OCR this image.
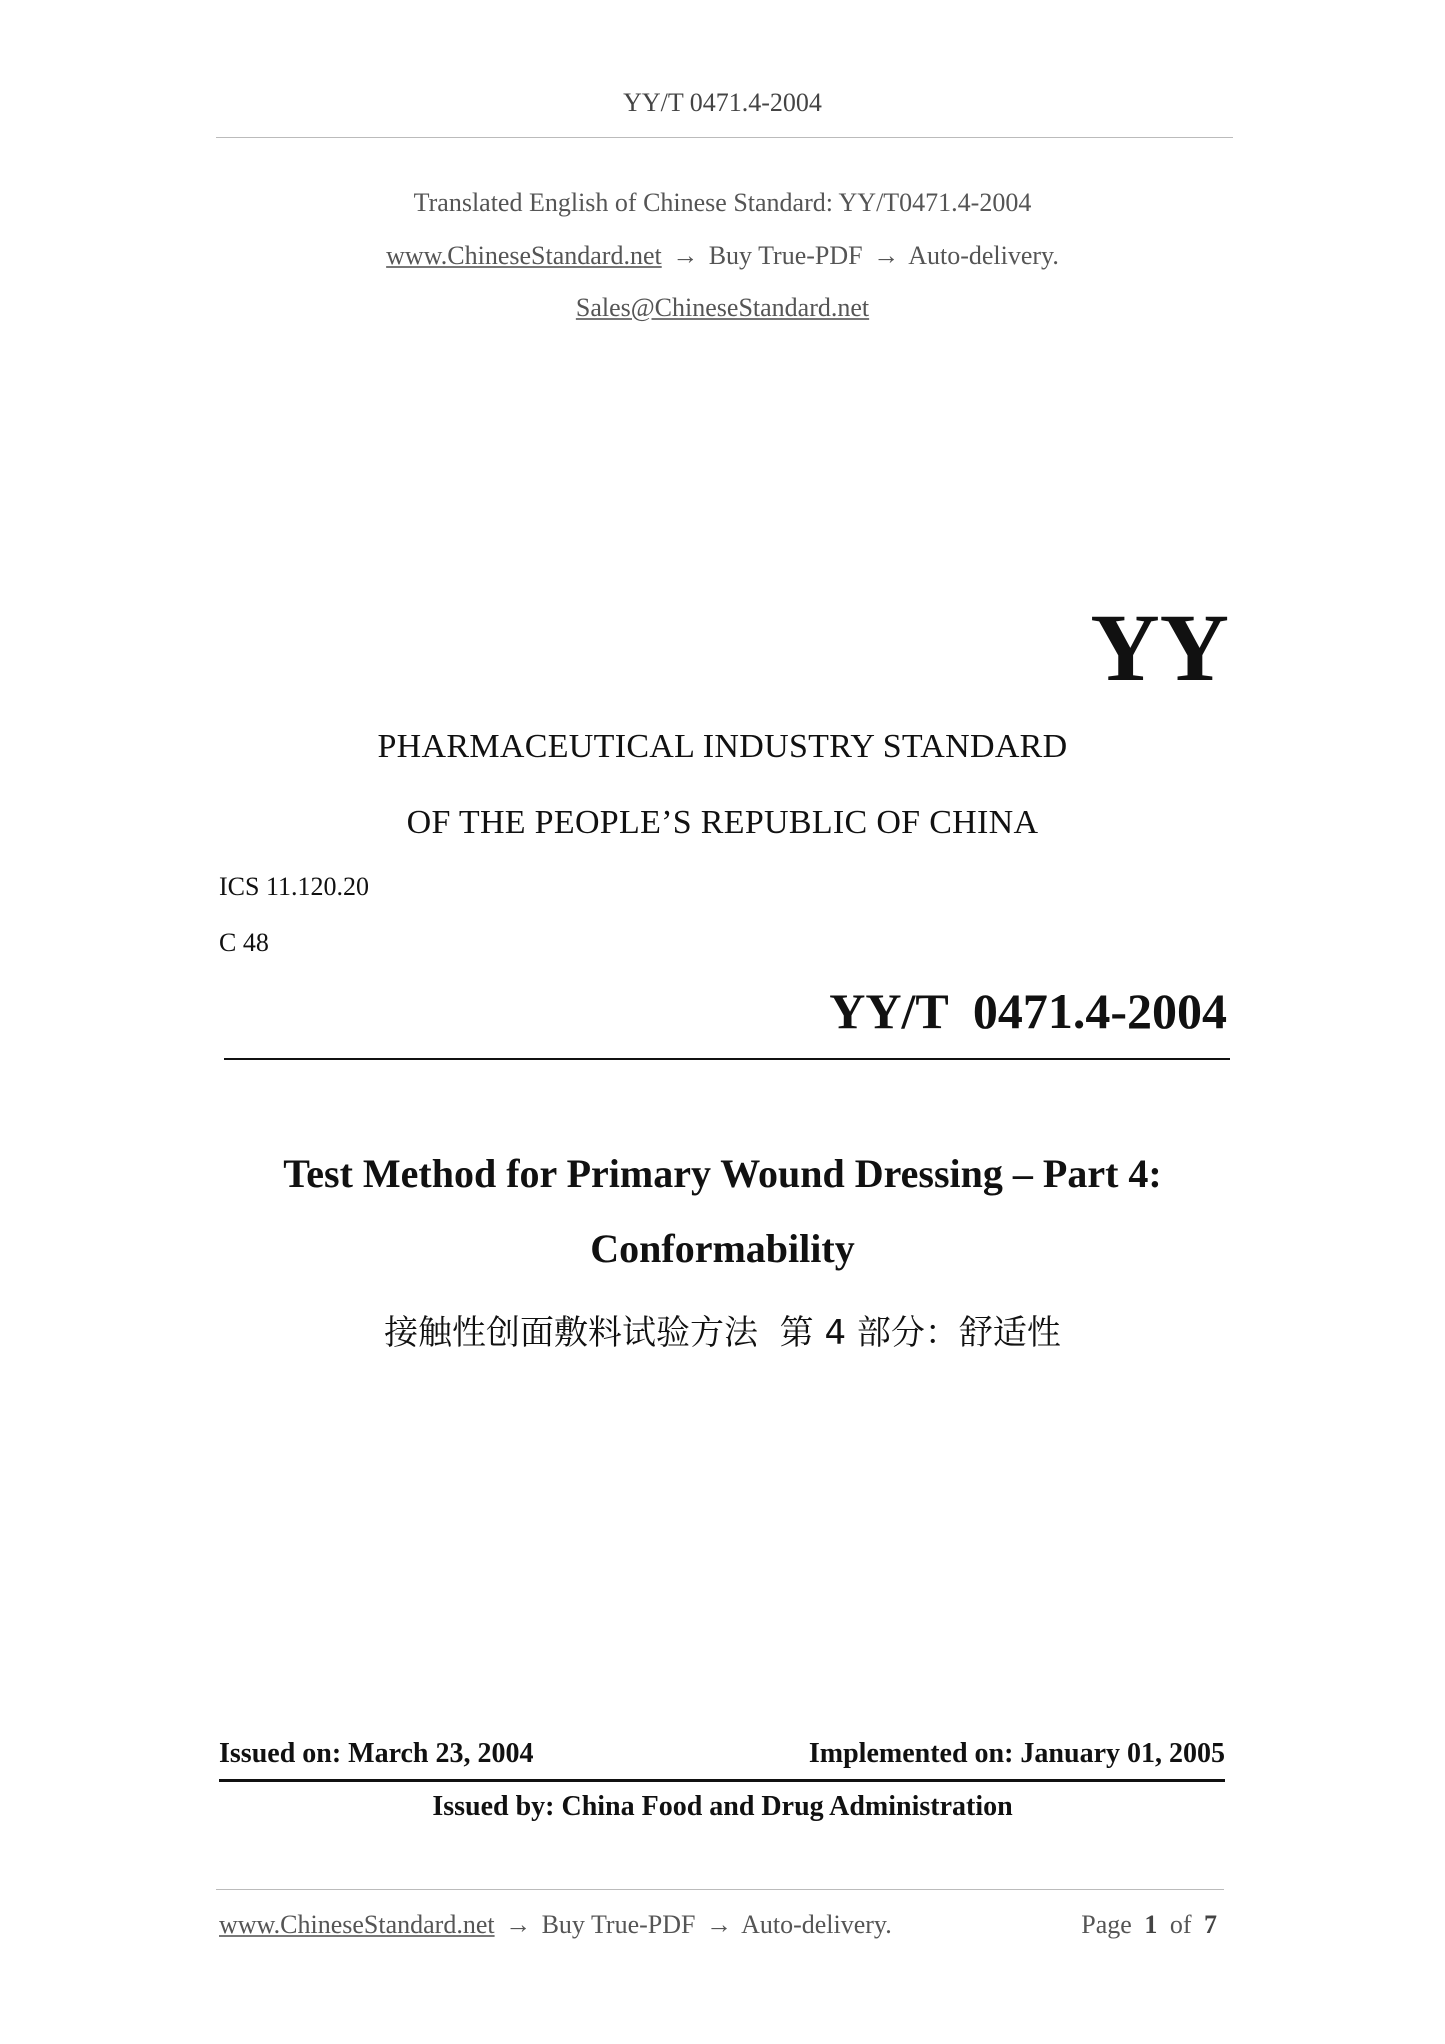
YY/T 0471.4-2004
Translated English of Chinese Standard: YY/T0471.4-2004
www.ChineseStandard.net → Buy True-PDF → Auto-delivery.
Sales@ChineseStandard.net
YY
PHARMACEUTICAL INDUSTRY STANDARD
OF THE PEOPLE’S REPUBLIC OF CHINA
ICS 11.120.20
C 48
YY/T  0471.4-2004
Test Method for Primary Wound Dressing – Part 4:
Conformability
接触性创面敷料试验方法  第 4 部分：舒适性
Issued on: March 23, 2004	Implemented on: January 01, 2005
Issued by: China Food and Drug Administration
www.ChineseStandard.net → Buy True-PDF → Auto-delivery.	Page 1 of 7
